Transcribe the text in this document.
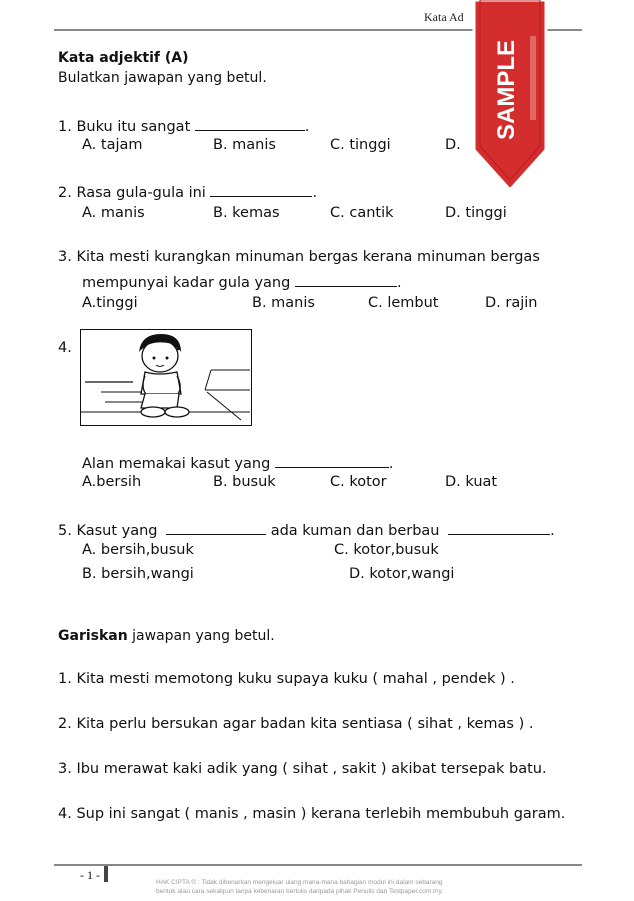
Kata Ad
SAMPLE
Kata adjektif (A)
Bulatkan jawapan yang betul.
1. Buku itu sangat	.
A. tajam	B. manis	C. tinggi	D.
2. Rasa gula-gula ini	.
A. manis	B. kemas	C. cantik	D. tinggi
3. Kita mesti kurangkan minuman bergas kerana minuman bergas
mempunyai kadar gula yang	.
A.tinggi	B. manis	C. lembut	D. rajin
4.
Alan memakai kasut yang	.
A.bersih	B. busuk	C. kotor	D. kuat
5. Kasut yang	ada kuman dan berbau	.
A. bersih,busuk	C. kotor,busuk
B. bersih,wangi	D. kotor,wangi
Gariskan jawapan yang betul.
1. Kita mesti memotong kuku supaya kuku ( mahal , pendek ) .
2. Kita perlu bersukan agar badan kita sentiasa ( sihat , kemas ) .
3. Ibu merawat kaki adik yang ( sihat , sakit ) akibat tersepak batu.
4. Sup ini sangat ( manis , masin ) kerana terlebih membubuh garam.
- 1 -
HAK CIPTA © : Tidak dibenarkan mengeluar ulang mana-mana bahagian modul ini dalam sebarang
bentuk atau cara sekalipun tanpa kebenaran bertulis daripada pihak Penulis dan Testpaper.com.my.
